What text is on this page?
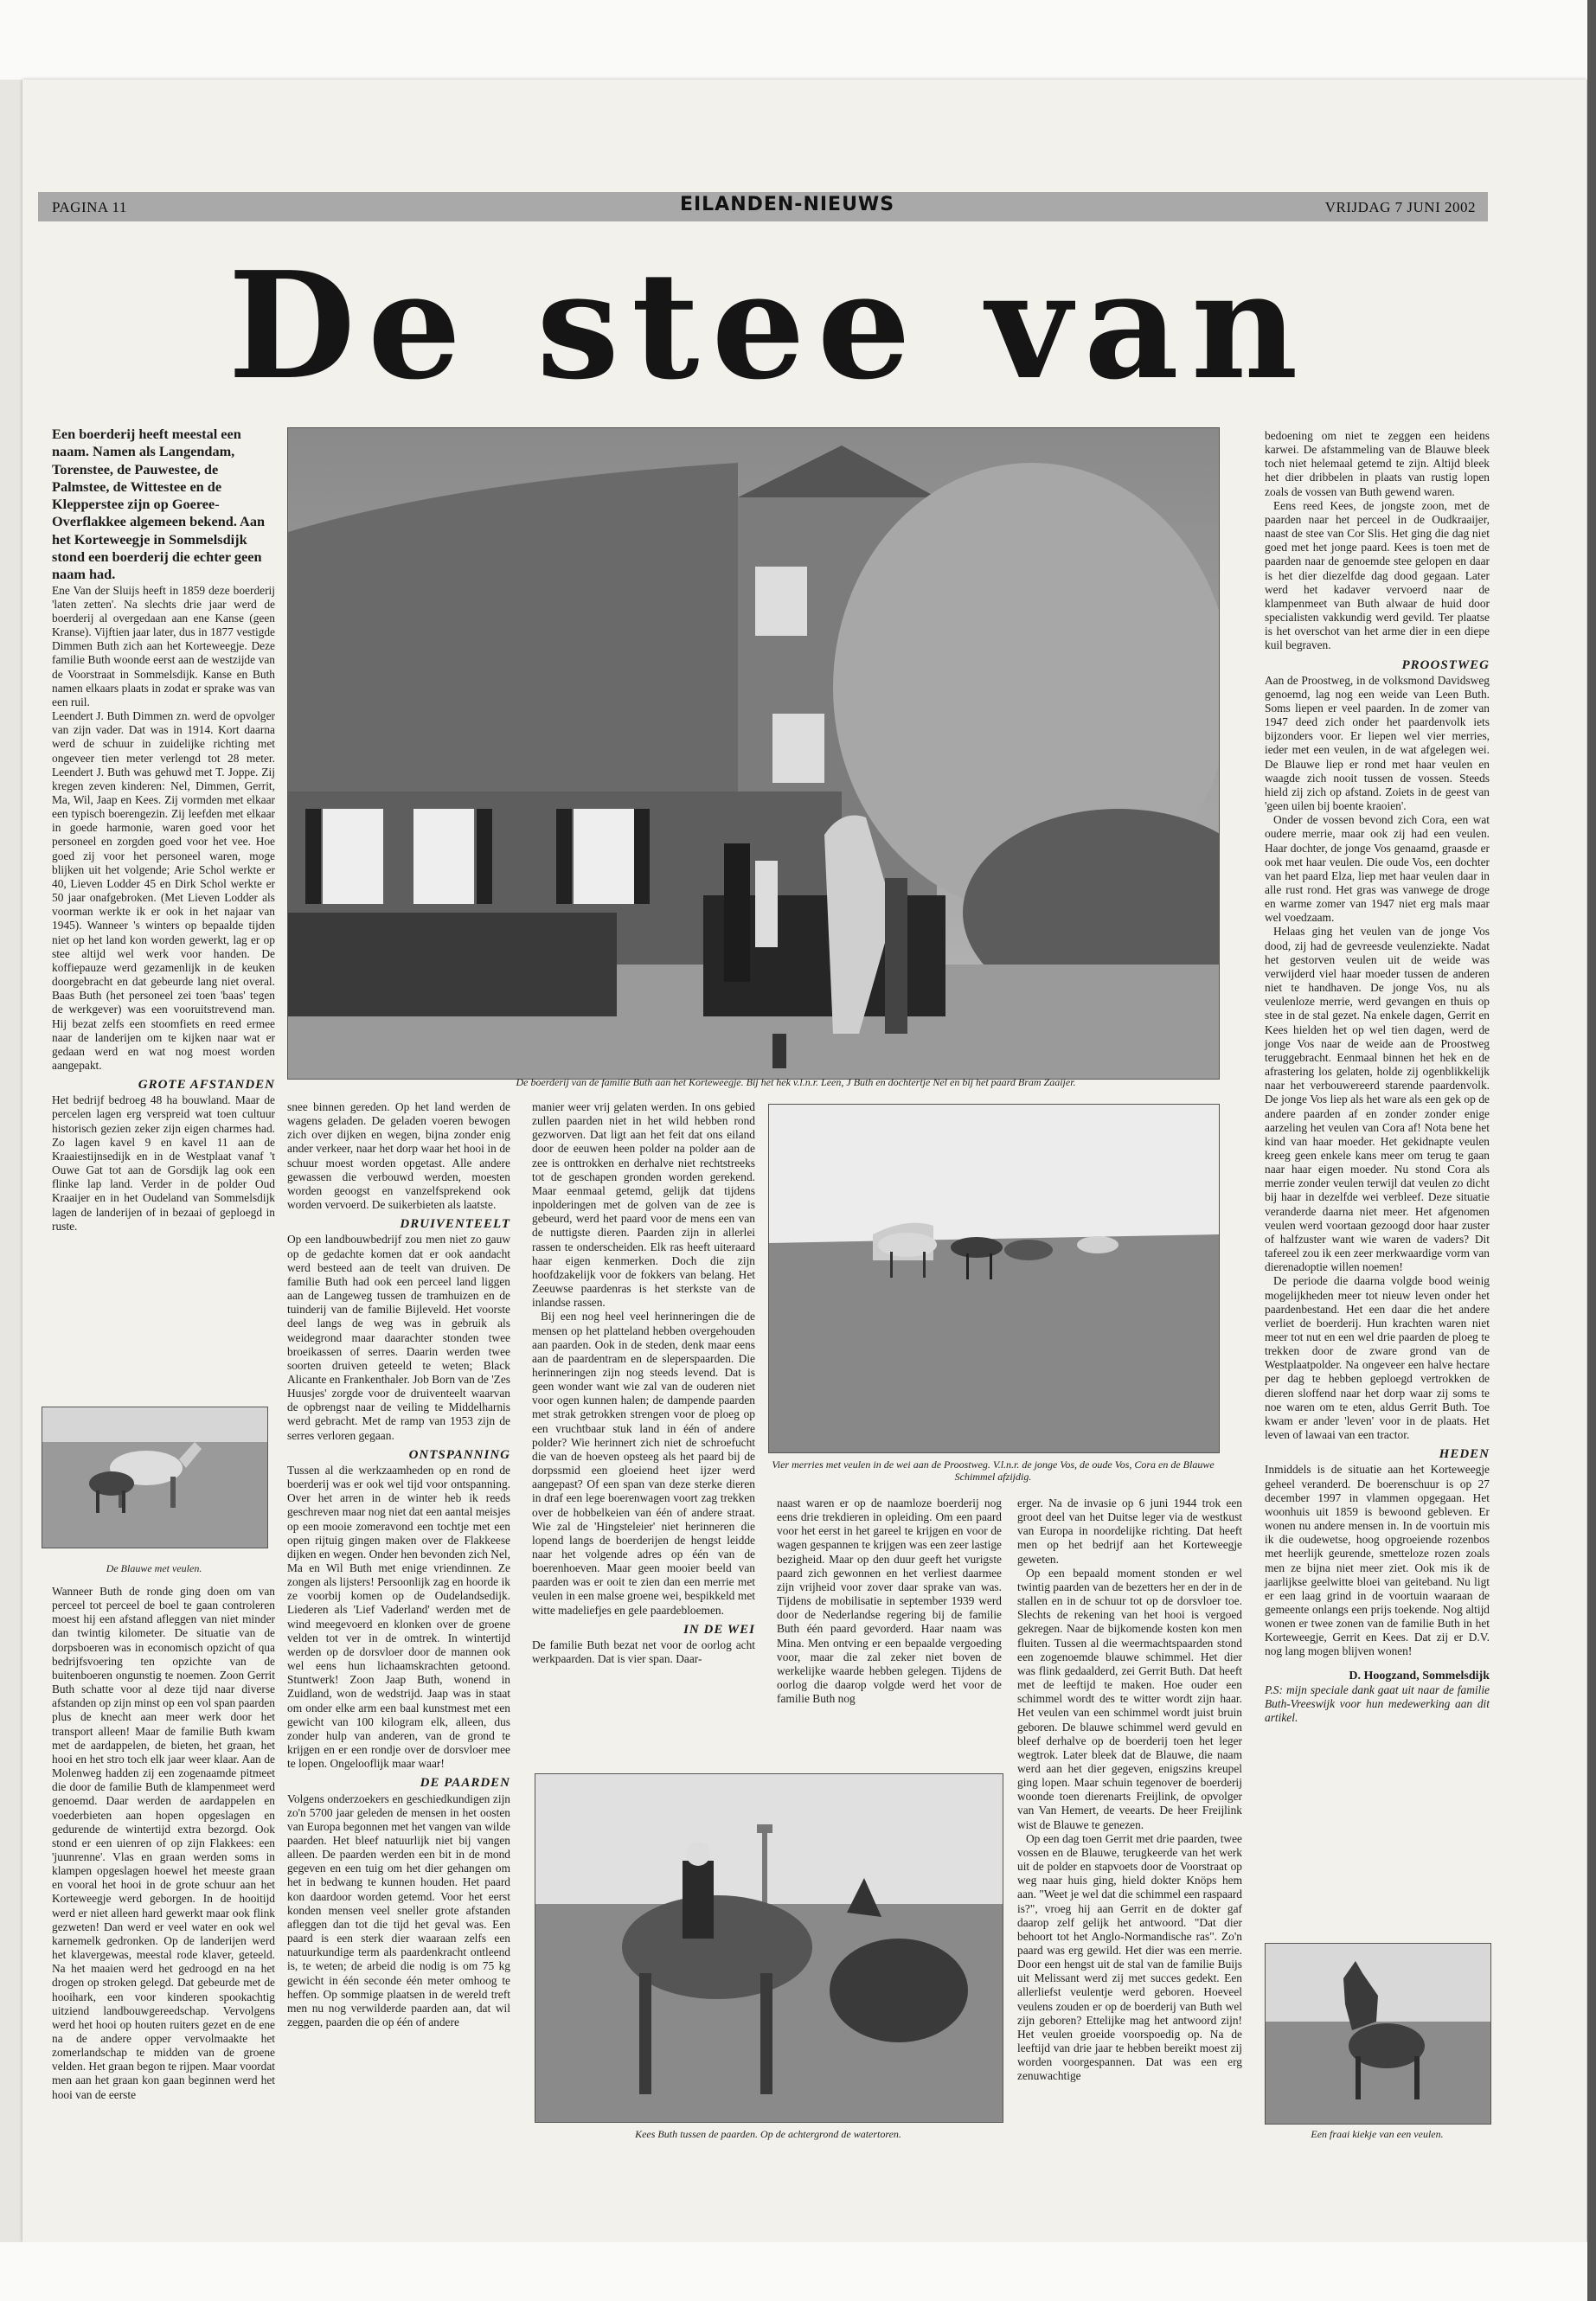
PAGINA 11	EILANDEN-NIEUWS	VRIJDAG 7 JUNI 2002
De stee van

Een boerderij heeft meestal een naam. Namen als Langendam, Torenstee, de Pauwestee, de Palmstee, de Wittestee en de Klepperstee zijn op Goeree-Overflakkee algemeen bekend. Aan het Korteweegje in Sommelsdijk stond een boerderij die echter geen naam had.

Ene Van der Sluijs heeft in 1859 deze boerderij 'laten zetten'. Na slechts drie jaar werd de boerderij al overgedaan aan ene Kanse (geen Kranse). Vijftien jaar later, dus in 1877 vestigde Dimmen Buth zich aan het Korteweegje. Deze familie Buth woonde eerst aan de westzijde van de Voorstraat in Sommelsdijk. Kanse en Buth namen elkaars plaats in zodat er sprake was van een ruil.

Leendert J. Buth Dimmen zn. werd de opvolger van zijn vader. Dat was in 1914. Kort daarna werd de schuur in zuidelijke richting met ongeveer tien meter verlengd tot 28 meter. Leendert J. Buth was gehuwd met T. Joppe. Zij kregen zeven kinderen: Nel, Dimmen, Gerrit, Ma, Wil, Jaap en Kees. Zij vormden met elkaar een typisch boerengezin. Zij leefden met elkaar in goede harmonie, waren goed voor het personeel en zorgden goed voor het vee. Hoe goed zij voor het personeel waren, moge blijken uit het volgende; Arie Schol werkte er 40, Lieven Lodder 45 en Dirk Schol werkte er 50 jaar onafgebroken. (Met Lieven Lodder als voorman werkte ik er ook in het najaar van 1945). Wanneer 's winters op bepaalde tijden niet op het land kon worden gewerkt, lag er op stee altijd wel werk voor handen. De koffiepauze werd gezamenlijk in de keuken doorgebracht en dat gebeurde lang niet overal. Baas Buth (het personeel zei toen 'baas' tegen de werkgever) was een vooruitstrevend man. Hij bezat zelfs een stoomfiets en reed ermee naar de landerijen om te kijken naar wat er gedaan werd en wat nog moest worden aangepakt.

GROTE AFSTANDEN

Het bedrijf bedroeg 48 ha bouwland. Maar de percelen lagen erg verspreid wat toen cultuur historisch gezien zeker zijn eigen charmes had. Zo lagen kavel 9 en kavel 11 aan de Kraaiestijnsedijk en in de Westplaat vanaf 't Ouwe Gat tot aan de Gorsdijk lag ook een flinke lap land. Verder in de polder Oud Kraaijer en in het Oudeland van Sommelsdijk lagen de landerijen of in bezaai of geploegd in ruste.

De Blauwe met veulen.

Wanneer Buth de ronde ging doen om van perceel tot perceel de boel te gaan controleren moest hij een afstand afleggen van niet minder dan twintig kilometer. De situatie van de dorpsboeren was in economisch opzicht of qua bedrijfsvoering ten opzichte van de buitenboeren ongunstig te noemen. Zoon Gerrit Buth schatte voor al deze tijd naar diverse afstanden op zijn minst op een vol span paarden plus de knecht aan meer werk door het transport alleen! Maar de familie Buth kwam met de aardappelen, de bieten, het graan, het hooi en het stro toch elk jaar weer klaar. Aan de Molenweg hadden zij een zogenaamde pitmeet die door de familie Buth de klampenmeet werd genoemd. Daar werden de aardappelen en voederbieten aan hopen opgeslagen en gedurende de wintertijd extra bezorgd. Ook stond er een uienren of op zijn Flakkees: een 'juunrenne'. Vlas en graan werden soms in klampen opgeslagen hoewel het meeste graan en vooral het hooi in de grote schuur aan het Korteweegje werd geborgen. In de hooitijd werd er niet alleen hard gewerkt maar ook flink gezweten! Dan werd er veel water en ook wel karnemelk gedronken. Op de landerijen werd het klavergewas, meestal rode klaver, geteeld. Na het maaien werd het gedroogd en na het drogen op stroken gelegd. Dat gebeurde met de hooihark, een voor kinderen spookachtig uitziend landbouwgereedschap. Vervolgens werd het hooi op houten ruiters gezet en de ene na de andere opper vervolmaakte het zomerlandschap te midden van de groene velden. Het graan begon te rijpen. Maar voordat men aan het graan kon gaan beginnen werd het hooi van de eerste

De boerderij van de familie Buth aan het Korteweegje. Bij het hek v.l.n.r. Leen, J Buth en dochtertje Nel en bij het paard Bram Zaaijer.

snee binnen gereden. Op het land werden de wagens geladen. De geladen voeren bewogen zich over dijken en wegen, bijna zonder enig ander verkeer, naar het dorp waar het hooi in de schuur moest worden opgetast. Alle andere gewassen die verbouwd werden, moesten worden geoogst en vanzelfsprekend ook worden vervoerd. De suikerbieten als laatste.

DRUIVENTEELT

Op een landbouwbedrijf zou men niet zo gauw op de gedachte komen dat er ook aandacht werd besteed aan de teelt van druiven. De familie Buth had ook een perceel land liggen aan de Langeweg tussen de tramhuizen en de tuinderij van de familie Bijleveld. Het voorste deel langs de weg was in gebruik als weidegrond maar daarachter stonden twee broeikassen of serres. Daarin werden twee soorten druiven geteeld te weten; Black Alicante en Frankenthaler. Job Born van de 'Zes Huusjes' zorgde voor de druiventeelt waarvan de opbrengst naar de veiling te Middelharnis werd gebracht. Met de ramp van 1953 zijn de serres verloren gegaan.

ONTSPANNING

Tussen al die werkzaamheden op en rond de boerderij was er ook wel tijd voor ontspanning. Over het arren in de winter heb ik reeds geschreven maar nog niet dat een aantal meisjes op een mooie zomeravond een tochtje met een open rijtuig gingen maken over de Flakkeese dijken en wegen. Onder hen bevonden zich Nel, Ma en Wil Buth met enige vriendinnen. Ze zongen als lijsters! Persoonlijk zag en hoorde ik ze voorbij komen op de Oudelandsedijk. Liederen als 'Lief Vaderland' werden met de wind meegevoerd en klonken over de groene velden tot ver in de omtrek. In wintertijd werden op de dorsvloer door de mannen ook wel eens hun lichaamskrachten getoond. Stuntwerk! Zoon Jaap Buth, wonend in Zuidland, won de wedstrijd. Jaap was in staat om onder elke arm een baal kunstmest met een gewicht van 100 kilogram elk, alleen, dus zonder hulp van anderen, van de grond te krijgen en er een rondje over de dorsvloer mee te lopen. Ongelooflijk maar waar!

DE PAARDEN

Volgens onderzoekers en geschiedkundigen zijn zo'n 5700 jaar geleden de mensen in het oosten van Europa begonnen met het vangen van wilde paarden. Het bleef natuurlijk niet bij vangen alleen. De paarden werden een bit in de mond gegeven en een tuig om het dier gehangen om het in bedwang te kunnen houden. Het paard kon daardoor worden getemd. Voor het eerst konden mensen veel sneller grote afstanden afleggen dan tot die tijd het geval was. Een paard is een sterk dier waaraan zelfs een natuurkundige term als paardenkracht ontleend is, te weten; de arbeid die nodig is om 75 kg gewicht in één seconde één meter omhoog te heffen. Op sommige plaatsen in de wereld treft men nu nog verwilderde paarden aan, dat wil zeggen, paarden die op één of andere

manier weer vrij gelaten werden. In ons gebied zullen paarden niet in het wild hebben rond gezworven. Dat ligt aan het feit dat ons eiland door de eeuwen heen polder na polder aan de zee is onttrokken en derhalve niet rechtstreeks tot de geschapen gronden worden gerekend. Maar eenmaal getemd, gelijk dat tijdens inpolderingen met de golven van de zee is gebeurd, werd het paard voor de mens een van de nuttigste dieren. Paarden zijn in allerlei rassen te onderscheiden. Elk ras heeft uiteraard haar eigen kenmerken. Doch die zijn hoofdzakelijk voor de fokkers van belang. Het Zeeuwse paardenras is het sterkste van de inlandse rassen.

Bij een nog heel veel herinneringen die de mensen op het platteland hebben overgehouden aan paarden. Ook in de steden, denk maar eens aan de paardentram en de sleperspaarden. Die herinneringen zijn nog steeds levend. Dat is geen wonder want wie zal van de ouderen niet voor ogen kunnen halen; de dampende paarden met strak getrokken strengen voor de ploeg op een vruchtbaar stuk land in één of andere polder? Wie herinnert zich niet de schroefucht die van de hoeven opsteeg als het paard bij de dorpssmid een gloeiend heet ijzer werd aangepast? Of een span van deze sterke dieren in draf een lege boerenwagen voort zag trekken over de hobbelkeien van één of andere straat. Wie zal de 'Hingsteleier' niet herinneren die lopend langs de boerderijen de hengst leidde naar het volgende adres op één van de boerenhoeven. Maar geen mooier beeld van paarden was er ooit te zien dan een merrie met veulen in een malse groene wei, bespikkeld met witte madeliefjes en gele paardebloemen.

IN DE WEI

De familie Buth bezat net voor de oorlog acht werkpaarden. Dat is vier span. Daar-

Vier merries met veulen in de wei aan de Proostweg. V.l.n.r. de jonge Vos, de oude Vos, Cora en de Blauwe Schimmel afzijdig.

naast waren er op de naamloze boerderij nog eens drie trekdieren in opleiding. Om een paard voor het eerst in het gareel te krijgen en voor de wagen gespannen te krijgen was een zeer lastige bezigheid. Maar op den duur geeft het vurigste paard zich gewonnen en het verliest daarmee zijn vrijheid voor zover daar sprake van was. Tijdens de mobilisatie in september 1939 werd door de Nederlandse regering bij de familie Buth één paard gevorderd. Haar naam was Mina. Men ontving er een bepaalde vergoeding voor, maar die zal zeker niet boven de werkelijke waarde hebben gelegen. Tijdens de oorlog die daarop volgde werd het voor de familie Buth nog

erger. Na de invasie op 6 juni 1944 trok een groot deel van het Duitse leger via de westkust van Europa in noordelijke richting. Dat heeft men op het bedrijf aan het Korteweegje geweten.

Op een bepaald moment stonden er wel twintig paarden van de bezetters her en der in de stallen en in de schuur tot op de dorsvloer toe. Slechts de rekening van het hooi is vergoed gekregen. Naar de bijkomende kosten kon men fluiten. Tussen al die weermachtspaarden stond een zogenoemde blauwe schimmel. Het dier was flink gedaalderd, zei Gerrit Buth. Dat heeft met de leeftijd te maken. Hoe ouder een schimmel wordt des te witter wordt zijn haar. Het veulen van een schimmel wordt juist bruin geboren. De blauwe schimmel werd gevuld en bleef derhalve op de boerderij toen het leger wegtrok. Later bleek dat de Blauwe, die naam werd aan het dier gegeven, enigszins kreupel ging lopen. Maar schuin tegenover de boerderij woonde toen dierenarts Freijlink, de opvolger van Van Hemert, de veearts. De heer Freijlink wist de Blauwe te genezen.

Op een dag toen Gerrit met drie paarden, twee vossen en de Blauwe, terugkeerde van het werk uit de polder en stapvoets door de Voorstraat op weg naar huis ging, hield dokter Knöps hem aan. "Weet je wel dat die schimmel een raspaard is?", vroeg hij aan Gerrit en de dokter gaf daarop zelf gelijk het antwoord. "Dat dier behoort tot het Anglo-Normandische ras". Zo'n paard was erg gewild. Het dier was een merrie. Door een hengst uit de stal van de familie Buijs uit Melissant werd zij met succes gedekt. Een allerliefst veulentje werd geboren. Hoeveel veulens zouden er op de boerderij van Buth wel zijn geboren? Ettelijke mag het antwoord zijn! Het veulen groeide voorspoedig op. Na de leeftijd van drie jaar te hebben bereikt moest zij worden voorgespannen. Dat was een erg zenuwachtige

Kees Buth tussen de paarden. Op de achtergrond de watertoren.

bedoening om niet te zeggen een heidens karwei. De afstammeling van de Blauwe bleek toch niet helemaal getemd te zijn. Altijd bleek het dier dribbelen in plaats van rustig lopen zoals de vossen van Buth gewend waren.

Eens reed Kees, de jongste zoon, met de paarden naar het perceel in de Oudkraaijer, naast de stee van Cor Slis. Het ging die dag niet goed met het jonge paard. Kees is toen met de paarden naar de genoemde stee gelopen en daar is het dier diezelfde dag dood gegaan. Later werd het kadaver vervoerd naar de klampenmeet van Buth alwaar de huid door specialisten vakkundig werd gevild. Ter plaatse is het overschot van het arme dier in een diepe kuil begraven.

PROOSTWEG

Aan de Proostweg, in de volksmond Davidsweg genoemd, lag nog een weide van Leen Buth. Soms liepen er veel paarden. In de zomer van 1947 deed zich onder het paardenvolk iets bijzonders voor. Er liepen wel vier merries, ieder met een veulen, in de wat afgelegen wei. De Blauwe liep er rond met haar veulen en waagde zich nooit tussen de vossen. Steeds hield zij zich op afstand. Zoiets in de geest van 'geen uilen bij boente kraoien'.

Onder de vossen bevond zich Cora, een wat oudere merrie, maar ook zij had een veulen. Haar dochter, de jonge Vos genaamd, graasde er ook met haar veulen. Die oude Vos, een dochter van het paard Elza, liep met haar veulen daar in alle rust rond. Het gras was vanwege de droge en warme zomer van 1947 niet erg mals maar wel voedzaam.

Helaas ging het veulen van de jonge Vos dood, zij had de gevreesde veulenziekte. Nadat het gestorven veulen uit de weide was verwijderd viel haar moeder tussen de anderen niet te handhaven. De jonge Vos, nu als veulenloze merrie, werd gevangen en thuis op stee in de stal gezet. Na enkele dagen, Gerrit en Kees hielden het op wel tien dagen, werd de jonge Vos naar de weide aan de Proostweg teruggebracht. Eenmaal binnen het hek en de afrastering los gelaten, holde zij ogenblikkelijk naar het verbouwereerd starende paardenvolk. De jonge Vos liep als het ware als een gek op de andere paarden af en zonder zonder enige aarzeling het veulen van Cora af! Nota bene het kind van haar moeder. Het gekidnapte veulen kreeg geen enkele kans meer om terug te gaan naar haar eigen moeder. Nu stond Cora als merrie zonder veulen terwijl dat veulen zo dicht bij haar in dezelfde wei verbleef. Deze situatie veranderde daarna niet meer. Het afgenomen veulen werd voortaan gezoogd door haar zuster of halfzuster want wie waren de vaders? Dit tafereel zou ik een zeer merkwaardige vorm van dierenadoptie willen noemen!

De periode die daarna volgde bood weinig mogelijkheden meer tot nieuw leven onder het paardenbestand. Het een daar die het andere verliet de boerderij. Hun krachten waren niet meer tot nut en een wel drie paarden de ploeg te trekken door de zware grond van de Westplaatpolder. Na ongeveer een halve hectare per dag te hebben geploegd vertrokken de dieren sloffend naar het dorp waar zij soms te noe waren om te eten, aldus Gerrit Buth. Toe kwam er ander 'leven' voor in de plaats. Het leven of lawaai van een tractor.

HEDEN

Inmiddels is de situatie aan het Korteweegje geheel veranderd. De boerenschuur is op 27 december 1997 in vlammen opgegaan. Het woonhuis uit 1859 is bewoond gebleven. Er wonen nu andere mensen in. In de voortuin mis ik die oudewetse, hoog opgroeiende rozenbos met heerlijk geurende, smetteloze rozen zoals men ze bijna niet meer ziet. Ook mis ik de jaarlijkse geelwitte bloei van geiteband. Nu ligt er een laag grind in de voortuin waaraan de gemeente onlangs een prijs toekende. Nog altijd wonen er twee zonen van de familie Buth in het Korteweegje, Gerrit en Kees. Dat zij er D.V. nog lang mogen blijven wonen!

D. Hoogzand, Sommelsdijk

P.S: mijn speciale dank gaat uit naar de familie Buth-Vreeswijk voor hun medewerking aan dit artikel.

Een fraai kiekje van een veulen.
